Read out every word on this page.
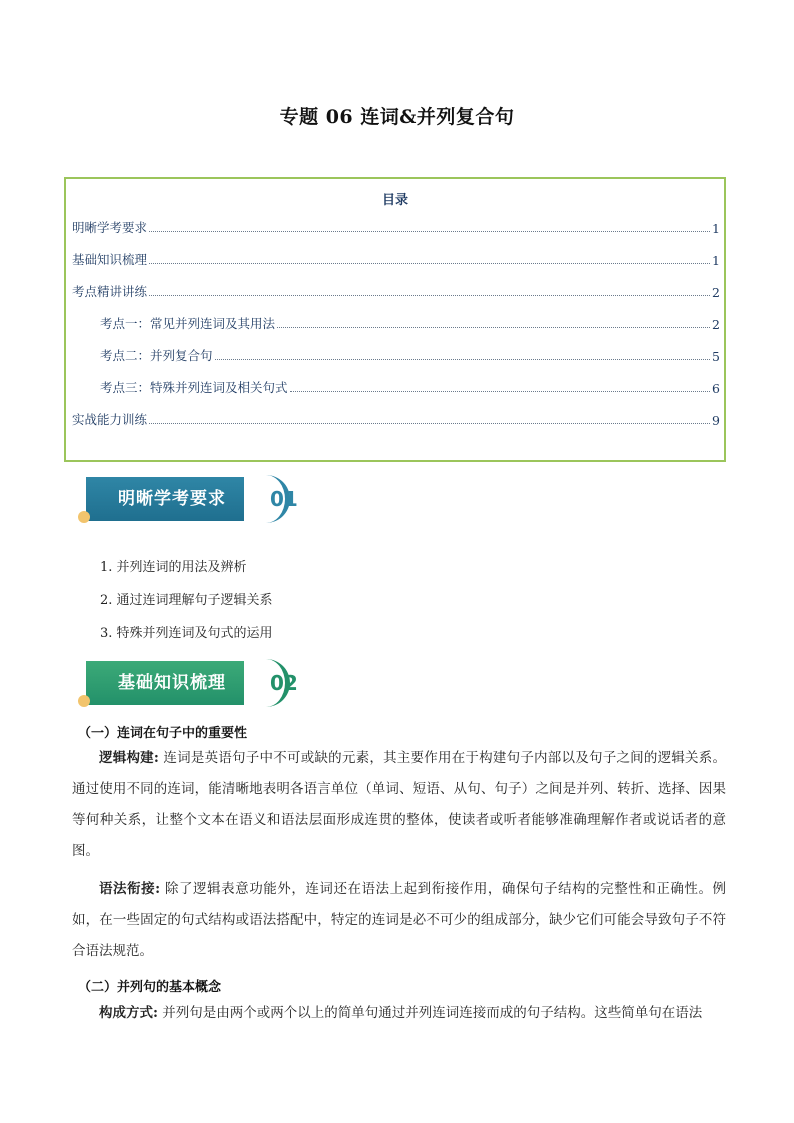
专题 06 连词&并列复合句
目录
明晰学考要求	1
基础知识梳理	1
考点精讲讲练	2
考点一：常见并列连词及其用法	2
考点二：并列复合句	5
考点三：特殊并列连词及相关句式	6
实战能力训练	9
明晰学考要求	01
1. 并列连词的用法及辨析
2. 通过连词理解句子逻辑关系
3. 特殊并列连词及句式的运用
基础知识梳理	02
（一）连词在句子中的重要性

逻辑构建: 连词是英语句子中不可或缺的元素，其主要作用在于构建句子内部以及句子之间的逻辑关系。通过使用不同的连词，能清晰地表明各语言单位（单词、短语、从句、句子）之间是并列、转折、选择、因果等何种关系，让整个文本在语义和语法层面形成连贯的整体，使读者或听者能够准确理解作者或说话者的意图。

语法衔接: 除了逻辑表意功能外，连词还在语法上起到衔接作用，确保句子结构的完整性和正确性。例如，在一些固定的句式结构或语法搭配中，特定的连词是必不可少的组成部分，缺少它们可能会导致句子不符合语法规范。

（二）并列句的基本概念

构成方式: 并列句是由两个或两个以上的简单句通过并列连词连接而成的句子结构。这些简单句在语法
